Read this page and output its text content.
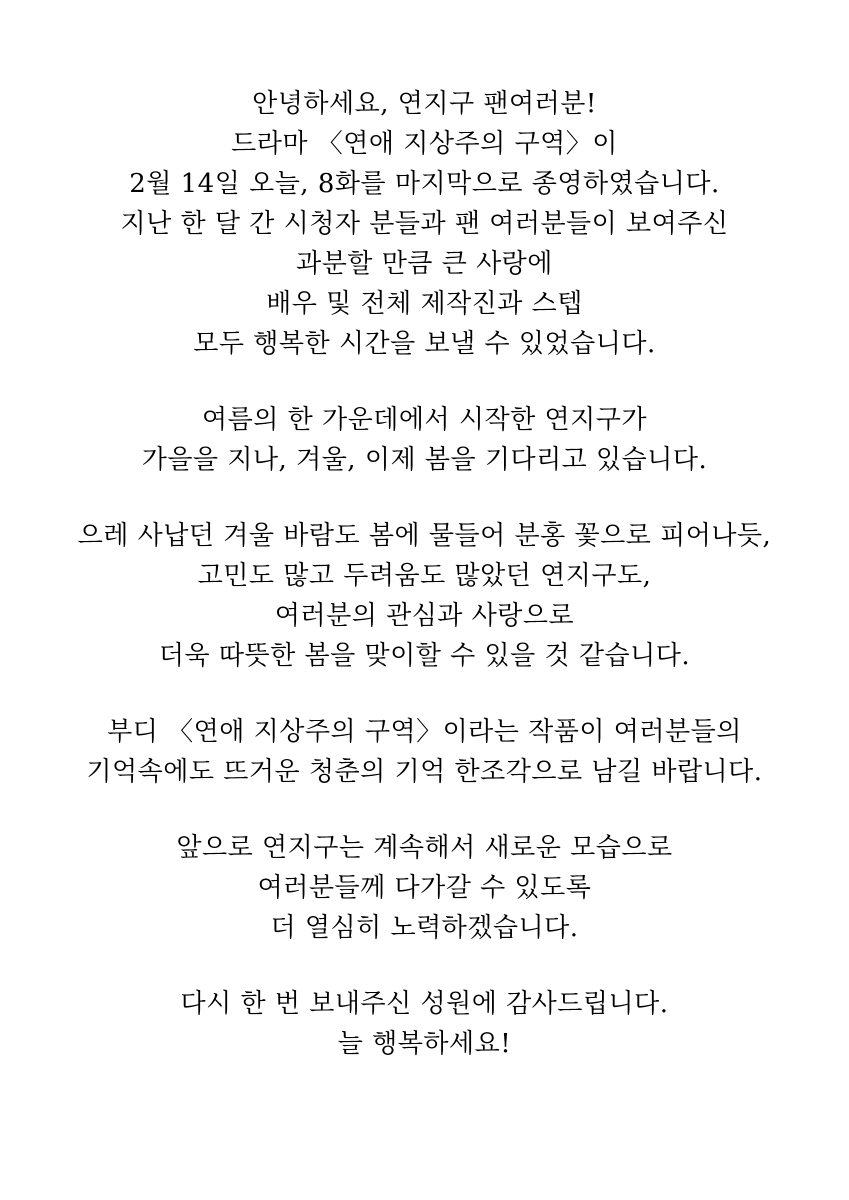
안녕하세요, 연지구 팬여러분!
드라마 〈연애 지상주의 구역〉이
2월 14일 오늘, 8화를 마지막으로 종영하였습니다.
지난 한 달 간 시청자 분들과 팬 여러분들이 보여주신
과분할 만큼 큰 사랑에
배우 및 전체 제작진과 스텝
모두 행복한 시간을 보낼 수 있었습니다.

여름의 한 가운데에서 시작한 연지구가
가을을 지나, 겨울, 이제 봄을 기다리고 있습니다.

으레 사납던 겨울 바람도 봄에 물들어 분홍 꽃으로 피어나듯,
고민도 많고 두려움도 많았던 연지구도,
여러분의 관심과 사랑으로
더욱 따뜻한 봄을 맞이할 수 있을 것 같습니다.

부디 〈연애 지상주의 구역〉이라는 작품이 여러분들의
기억속에도 뜨거운 청춘의 기억 한조각으로 남길 바랍니다.

앞으로 연지구는 계속해서 새로운 모습으로
여러분들께 다가갈 수 있도록
더 열심히 노력하겠습니다.

다시 한 번 보내주신 성원에 감사드립니다.
늘 행복하세요!
